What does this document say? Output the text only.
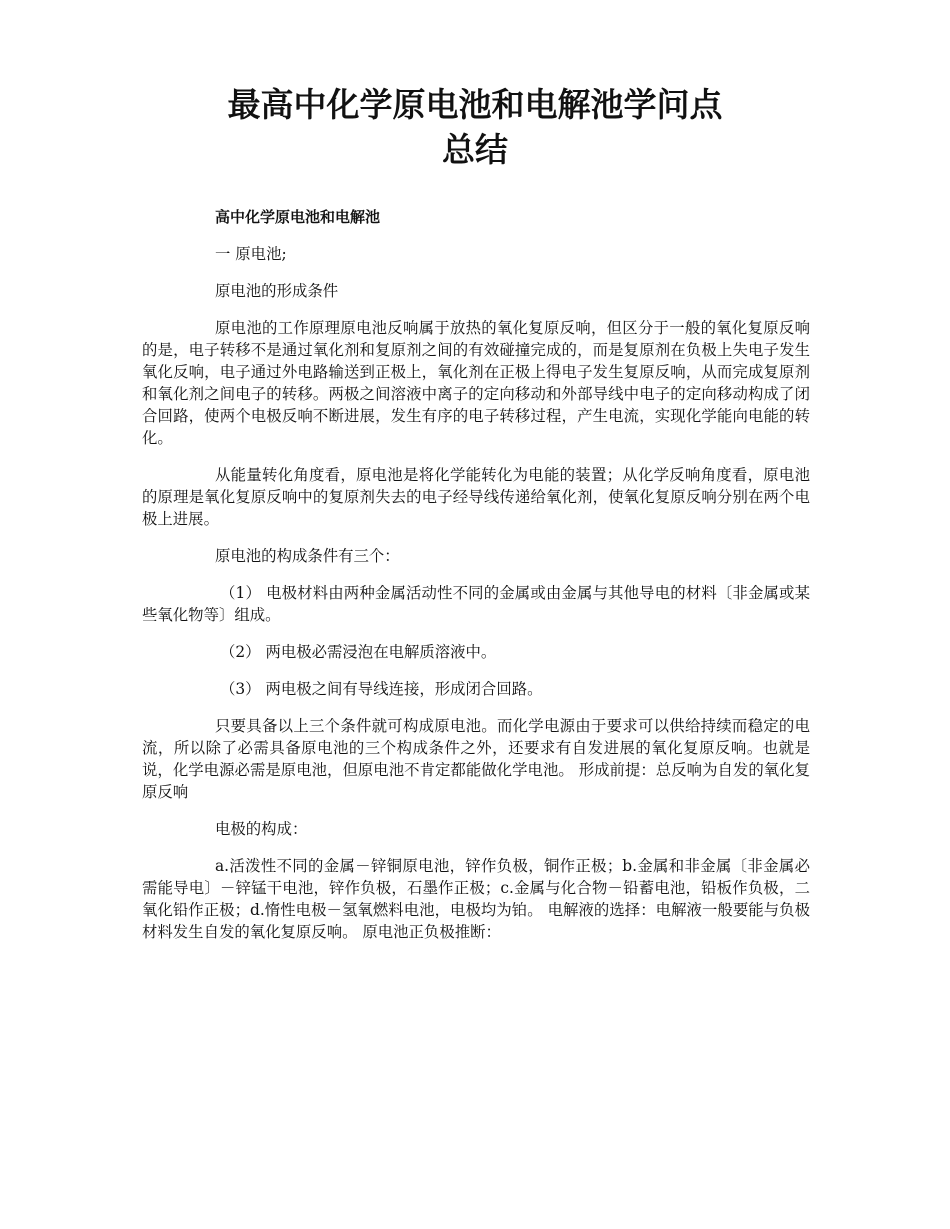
最高中化学原电池和电解池学问点
总结

高中化学原电池和电解池

一 原电池;

原电池的形成条件

原电池的工作原理原电池反响属于放热的氧化复原反响，但区分于一般的氧化复原反响的是，电子转移不是通过氧化剂和复原剂之间的有效碰撞完成的，而是复原剂在负极上失电子发生氧化反响，电子通过外电路输送到正极上，氧化剂在正极上得电子发生复原反响，从而完成复原剂和氧化剂之间电子的转移。两极之间溶液中离子的定向移动和外部导线中电子的定向移动构成了闭合回路，使两个电极反响不断进展，发生有序的电子转移过程，产生电流，实现化学能向电能的转化。

从能量转化角度看，原电池是将化学能转化为电能的装置；从化学反响角度看，原电池的原理是氧化复原反响中的复原剂失去的电子经导线传递给氧化剂，使氧化复原反响分别在两个电极上进展。

原电池的构成条件有三个：

（1） 电极材料由两种金属活动性不同的金属或由金属与其他导电的材料〔非金属或某些氧化物等〕组成。

（2） 两电极必需浸泡在电解质溶液中。

（3） 两电极之间有导线连接，形成闭合回路。

只要具备以上三个条件就可构成原电池。而化学电源由于要求可以供给持续而稳定的电流，所以除了必需具备原电池的三个构成条件之外，还要求有自发进展的氧化复原反响。也就是说，化学电源必需是原电池，但原电池不肯定都能做化学电池。 形成前提：总反响为自发的氧化复原反响

电极的构成：

a.活泼性不同的金属－锌铜原电池，锌作负极，铜作正极；b.金属和非金属〔非金属必需能导电〕－锌锰干电池，锌作负极，石墨作正极；c.金属与化合物－铅蓄电池，铅板作负极，二氧化铅作正极；d.惰性电极－氢氧燃料电池，电极均为铂。 电解液的选择：电解液一般要能与负极材料发生自发的氧化复原反响。 原电池正负极推断：
